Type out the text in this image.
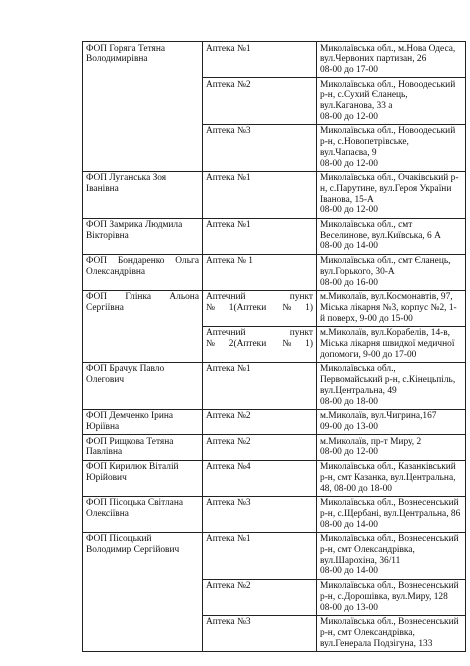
ФОП Горяга Тетяна
Володимирівна	Аптека №1	Миколаївська обл., м.Нова Одеса,
вул.Червоних партизан, 26
08-00 до 17-00

	Аптека №2	Миколаївська обл., Новоодеський
р-н, с.Сухий Єланець,
вул.Каганова, 33 а
08-00 до 12-00

	Аптека №3	Миколаївська обл., Новоодеський
р-н, с.Новопетрівське,
вул.Чапаєва, 9
08-00 до 12-00

ФОП Луганська Зоя
Іванівна	Аптека №1	Миколаївська обл., Очаківський р-
н, с.Парутине, вул.Героя України
Іванова, 15-А
08-00 до 12-00

ФОП Замрика Людмила
Вікторівна	Аптека №1	Миколаївська обл., смт
Веселинове, вул.Київська, 6 А
08-00 до 14-00

ФОП Бондаренко Ольга
Олександрівна	Аптека № 1	Миколаївська обл., смт Єланець,
вул.Горького, 30-А
08-00 до 16-00

ФОП Глінка Альона
Сергіївна	Аптечний пункт
№1(Аптеки №1)	м.Миколаїв, вул.Космонавтів, 97,
Міська лікарня №3, корпус №2, 1-
й поверх, 9-00 до 15-00

	Аптечний пункт
№2(Аптеки №1)	м.Миколаїв, вул.Корабелів, 14-в,
Міська лікарня швидкої медичної
допомоги, 9-00 до 17-00

ФОП Брачук Павло
Олегович	Аптека №1	Миколаївська обл.,
Первомайський р-н, с.Кінецьпіль,
вул.Центральна, 49
08-00 до 18-00

ФОП Демченко Ірина
Юріївна	Аптека №2	м.Миколаїв, вул.Чигрина,167
09-00 до 13-00

ФОП Рищкова Тетяна
Павлівна	Аптека №2	м.Миколаїв, пр-т Миру, 2
08-00 до 12-00

ФОП Кирилюк Віталій
Юрійович	Аптека №4	Миколаївська обл., Казанківський
р-н, смт Казанка, вул.Центральна,
48, 08-00 до 18-00

ФОП Пісоцька Світлана
Олексіївна	Аптека №3	Миколаївська обл., Вознесенський
р-н, с.Щербані, вул.Центральна, 86
08-00 до 14-00

ФОП Пісоцький
Володимир Сергійович	Аптека №1	Миколаївська обл., Вознесенський
р-н, смт Олександрівка,
вул.Шарохіна, 36/11
08-00 до 14-00

	Аптека №2	Миколаївська обл., Вознесенський
р-н, с.Дорошівка, вул.Миру, 128
08-00 до 13-00

	Аптека №3	Миколаївська обл., Вознесенський
р-н, смт Олександрівка,
вул.Генерала Подзігуна, 133
